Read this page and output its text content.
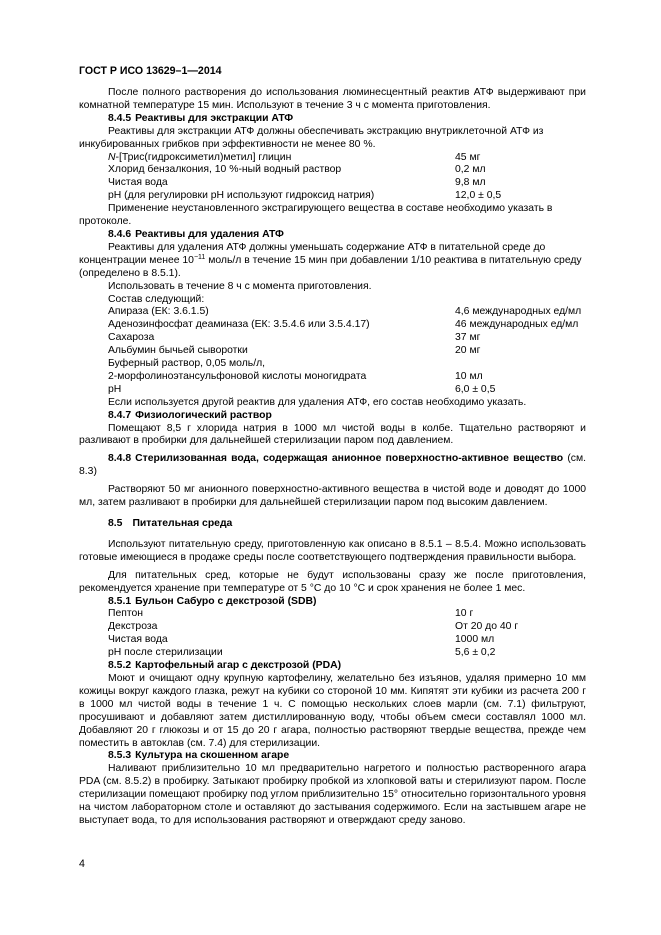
ГОСТ Р ИСО 13629–1—2014

После полного растворения до использования люминесцентный реактив АТФ выдерживают при комнатной температуре 15 мин. Используют в течение 3 ч с момента приготовления.

8.4.5 Реактивы для экстракции АТФ

Реактивы для экстракции АТФ должны обеспечивать экстракцию внутриклеточной АТФ из инкубированных грибков при эффективности не менее 80 %.

N-[Трис(гидроксиметил)метил] глицин	45 мг
Хлорид бензалкония, 10 %-ный водный раствор	0,2 мл
Чистая вода	9,8 мл
pH (для регулировки pH используют гидроксид натрия)	12,0 ± 0,5

Применение неустановленного экстрагирующего вещества в составе необходимо указать в протоколе.

8.4.6 Реактивы для удаления АТФ

Реактивы для удаления АТФ должны уменьшать содержание АТФ в питательной среде до концентрации менее $10^{-11}$ моль/л в течение 15 мин при добавлении 1/10 реактива в питательную среду (определено в 8.5.1).

Использовать в течение 8 ч с момента приготовления.

Состав следующий:

Апираза (ЕК: 3.6.1.5)	4,6 международных ед/мл
Аденозинфосфат деаминаза (ЕК: 3.5.4.6 или 3.5.4.17)	46 международных ед/мл
Сахароза	37 мг
Альбумин бычьей сыворотки	20 мг
Буферный раствор, 0,05 моль/л,
2-морфолиноэтансульфоновой кислоты моногидрата	10 мл
pH	6,0 ± 0,5

Если используется другой реактив для удаления АТФ, его состав необходимо указать.

8.4.7 Физиологический раствор

Помещают 8,5 г хлорида натрия в 1000 мл чистой воды в колбе. Тщательно растворяют и разливают в пробирки для дальнейшей стерилизации паром под давлением.

8.4.8 Стерилизованная вода, содержащая анионное поверхностно-активное вещество (см. 8.3)

Растворяют 50 мг анионного поверхностно-активного вещества в чистой воде и доводят до 1000 мл, затем разливают в пробирки для дальнейшей стерилизации паром под высоким давлением.

8.5 Питательная среда

Используют питательную среду, приготовленную как описано в 8.5.1 – 8.5.4. Можно использовать готовые имеющиеся в продаже среды после соответствующего подтверждения правильности выбора.

Для питательных сред, которые не будут использованы сразу же после приготовления, рекомендуется хранение при температуре от 5 °С до 10 °С и срок хранения не более 1 мес.

8.5.1 Бульон Сабуро с декстрозой (SDB)

Пептон	10 г
Декстроза	От 20 до 40 г
Чистая вода	1000 мл
pH после стерилизации	5,6 ± 0,2

8.5.2 Картофельный агар с декстрозой (PDA)

Моют и очищают одну крупную картофелину, желательно без изъянов, удаляя примерно 10 мм кожицы вокруг каждого глазка, режут на кубики со стороной 10 мм. Кипятят эти кубики из расчета 200 г в 1000 мл чистой воды в течение 1 ч. С помощью нескольких слоев марли (см. 7.1) фильтруют, просушивают и добавляют затем дистиллированную воду, чтобы объем смеси составлял 1000 мл. Добавляют 20 г глюкозы и от 15 до 20 г агара, полностью растворяют твердые вещества, прежде чем поместить в автоклав (см. 7.4) для стерилизации.

8.5.3 Культура на скошенном агаре

Наливают приблизительно 10 мл предварительно нагретого и полностью растворенного агара PDA (см. 8.5.2) в пробирку. Затыкают пробирку пробкой из хлопковой ваты и стерилизуют паром. После стерилизации помещают пробирку под углом приблизительно 15° относительно горизонтального уровня на чистом лабораторном столе и оставляют до застывания содержимого. Если на застывшем агаре не выступает вода, то для использования растворяют и отверждают среду заново.

4
